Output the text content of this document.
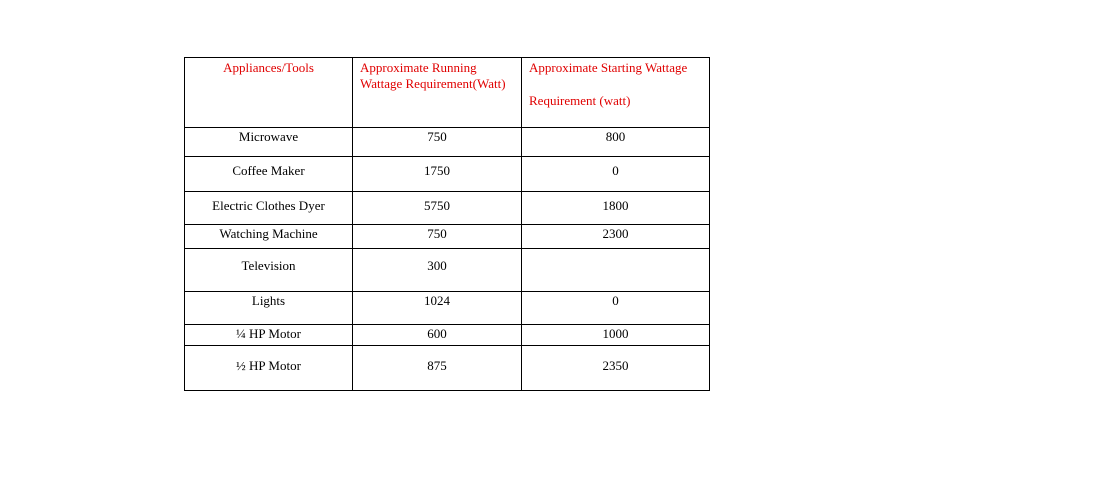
Appliances/Tools	Approximate Running Wattage Requirement(Watt)	Approximate Starting Wattage
Requirement (watt)

Microwave	750	800

Coffee Maker	1750	0

Electric Clothes Dyer	5750	1800

Watching Machine	750	2300

Television	300	

Lights	1024	0

¼ HP Motor	600	1000

½ HP Motor	875	2350
